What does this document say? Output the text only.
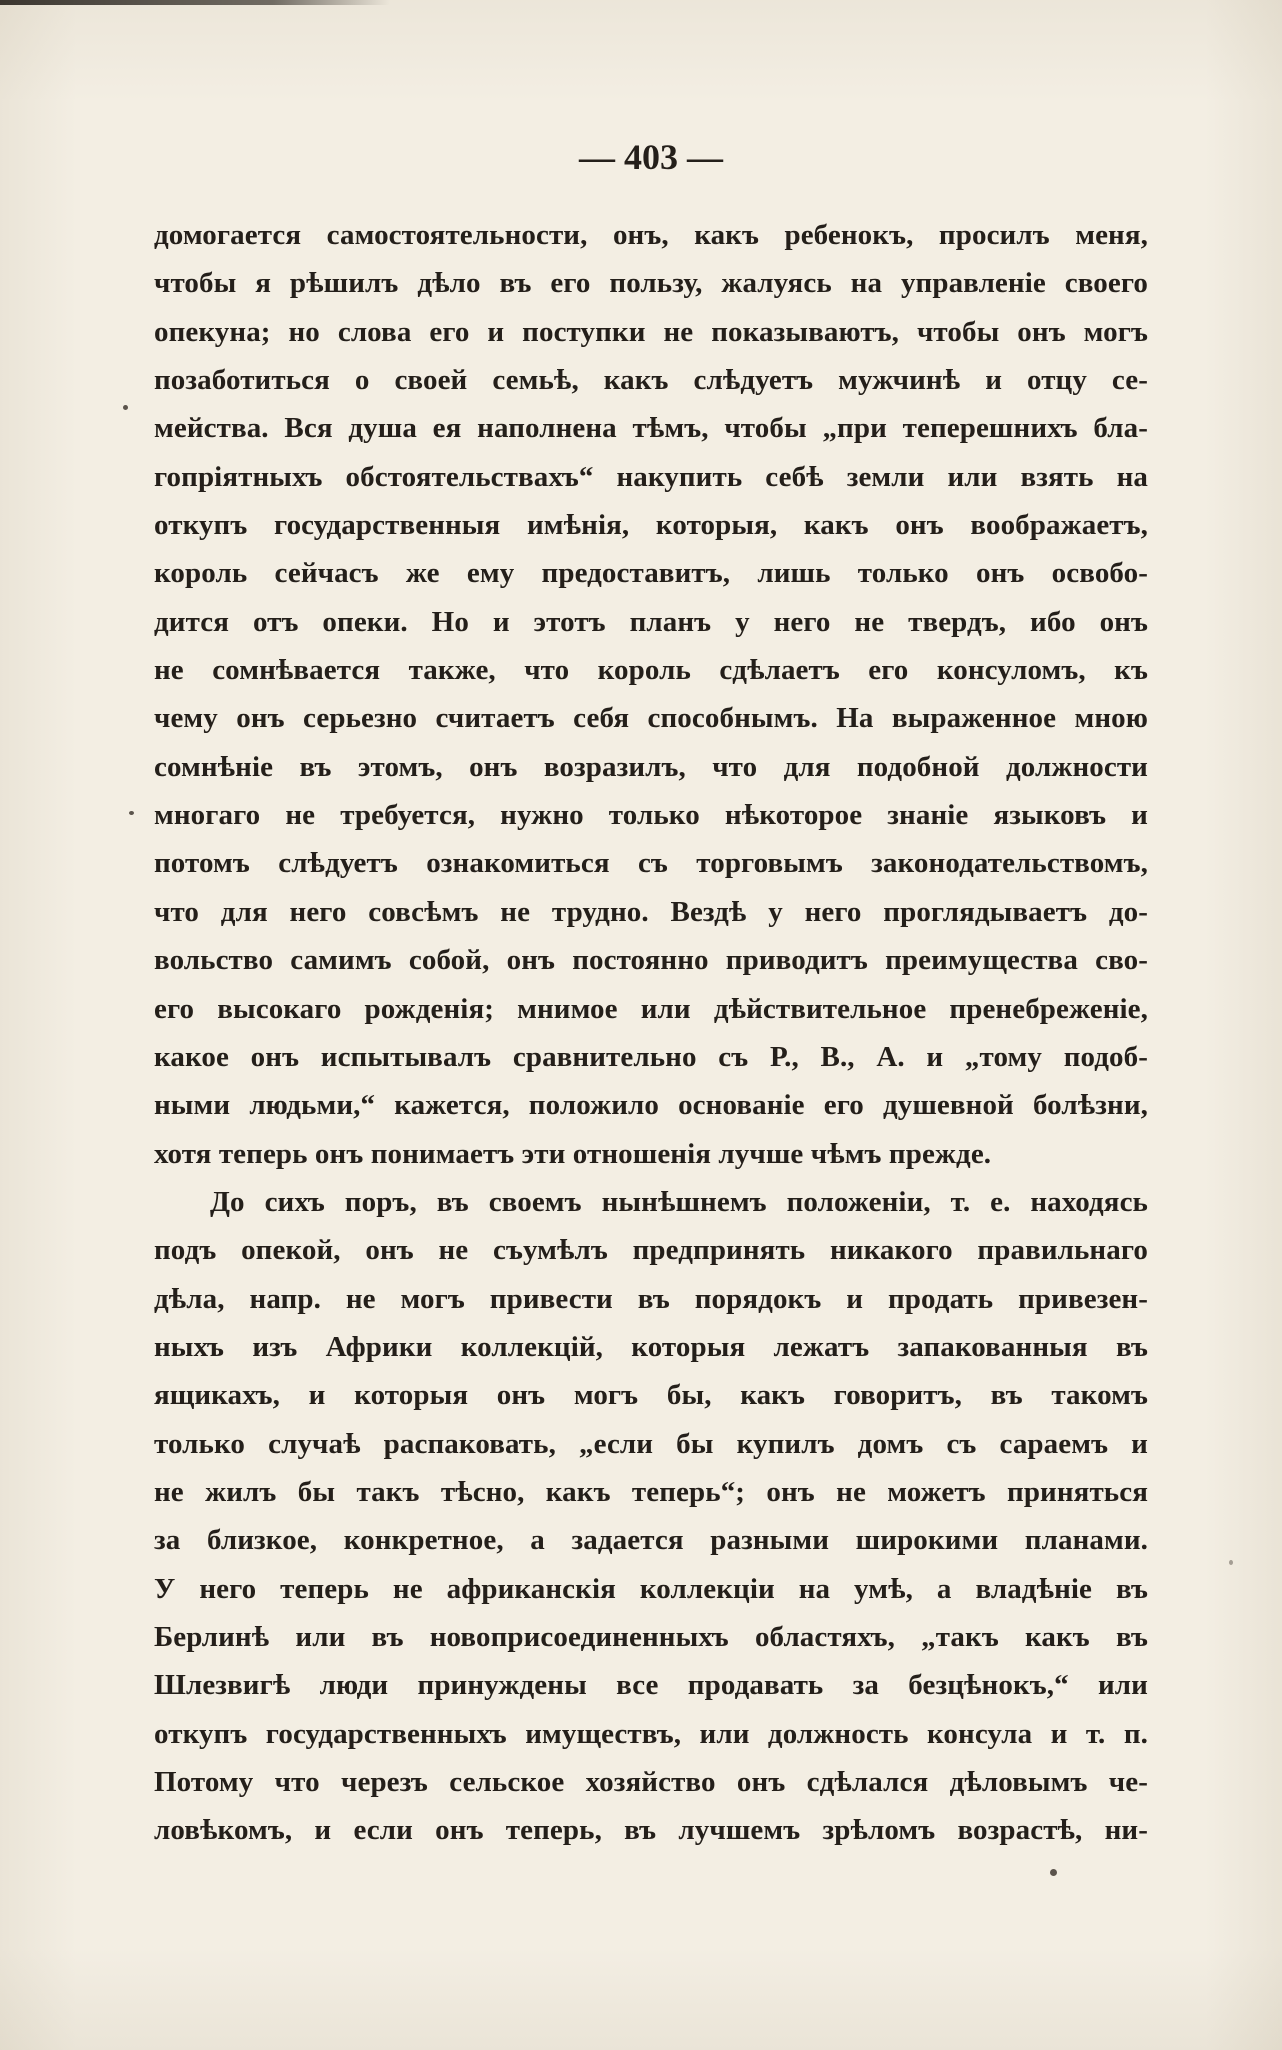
— 403 —
домогается самостоятельности, онъ, какъ ребенокъ, просилъ меня,
чтобы я рѣшилъ дѣло въ его пользу, жалуясь на управленіе своего
опекуна; но слова его и поступки не показываютъ, чтобы онъ могъ
позаботиться о своей семьѣ, какъ слѣдуетъ мужчинѣ и отцу се-
мейства. Вся душа ея наполнена тѣмъ, чтобы „при теперешнихъ бла-
гопріятныхъ обстоятельствахъ“ накупить себѣ земли или взять на
откупъ государственныя имѣнія, которыя, какъ онъ воображаетъ,
король сейчасъ же ему предоставитъ, лишь только онъ освобо-
дится отъ опеки. Но и этотъ планъ у него не твердъ, ибо онъ
не сомнѣвается также, что король сдѣлаетъ его консуломъ, къ
чему онъ серьезно считаетъ себя способнымъ. На выраженное мною
сомнѣніе въ этомъ, онъ возразилъ, что для подобной должности
многаго не требуется, нужно только нѣкоторое знаніе языковъ и
потомъ слѣдуетъ ознакомиться съ торговымъ законодательствомъ,
что для него совсѣмъ не трудно. Вездѣ у него проглядываетъ до-
вольство самимъ собой, онъ постоянно приводитъ преимущества сво-
его высокаго рожденія; мнимое или дѣйствительное пренебреженіе,
какое онъ испытывалъ сравнительно съ Р., В., А. и „тому подоб-
ными людьми,“ кажется, положило основаніе его душевной болѣзни,
хотя теперь онъ понимаетъ эти отношенія лучше чѣмъ прежде.
До сихъ поръ, въ своемъ нынѣшнемъ положеніи, т. е. находясь
подъ опекой, онъ не съумѣлъ предпринять никакого правильнаго
дѣла, напр. не могъ привести въ порядокъ и продать привезен-
ныхъ изъ Африки коллекцій, которыя лежатъ запакованныя въ
ящикахъ, и которыя онъ могъ бы, какъ говоритъ, въ такомъ
только случаѣ распаковать, „если бы купилъ домъ съ сараемъ и
не жилъ бы такъ тѣсно, какъ теперь“; онъ не можетъ приняться
за близкое, конкретное, а задается разными широкими планами.
У него теперь не африканскія коллекціи на умѣ, а владѣніе въ
Берлинѣ или въ новоприсоединенныхъ областяхъ, „такъ какъ въ
Шлезвигѣ люди принуждены все продавать за безцѣнокъ,“ или
откупъ государственныхъ имуществъ, или должность консула и т. п.
Потому что черезъ сельское хозяйство онъ сдѣлался дѣловымъ че-
ловѣкомъ, и если онъ теперь, въ лучшемъ зрѣломъ возрастѣ, ни-
